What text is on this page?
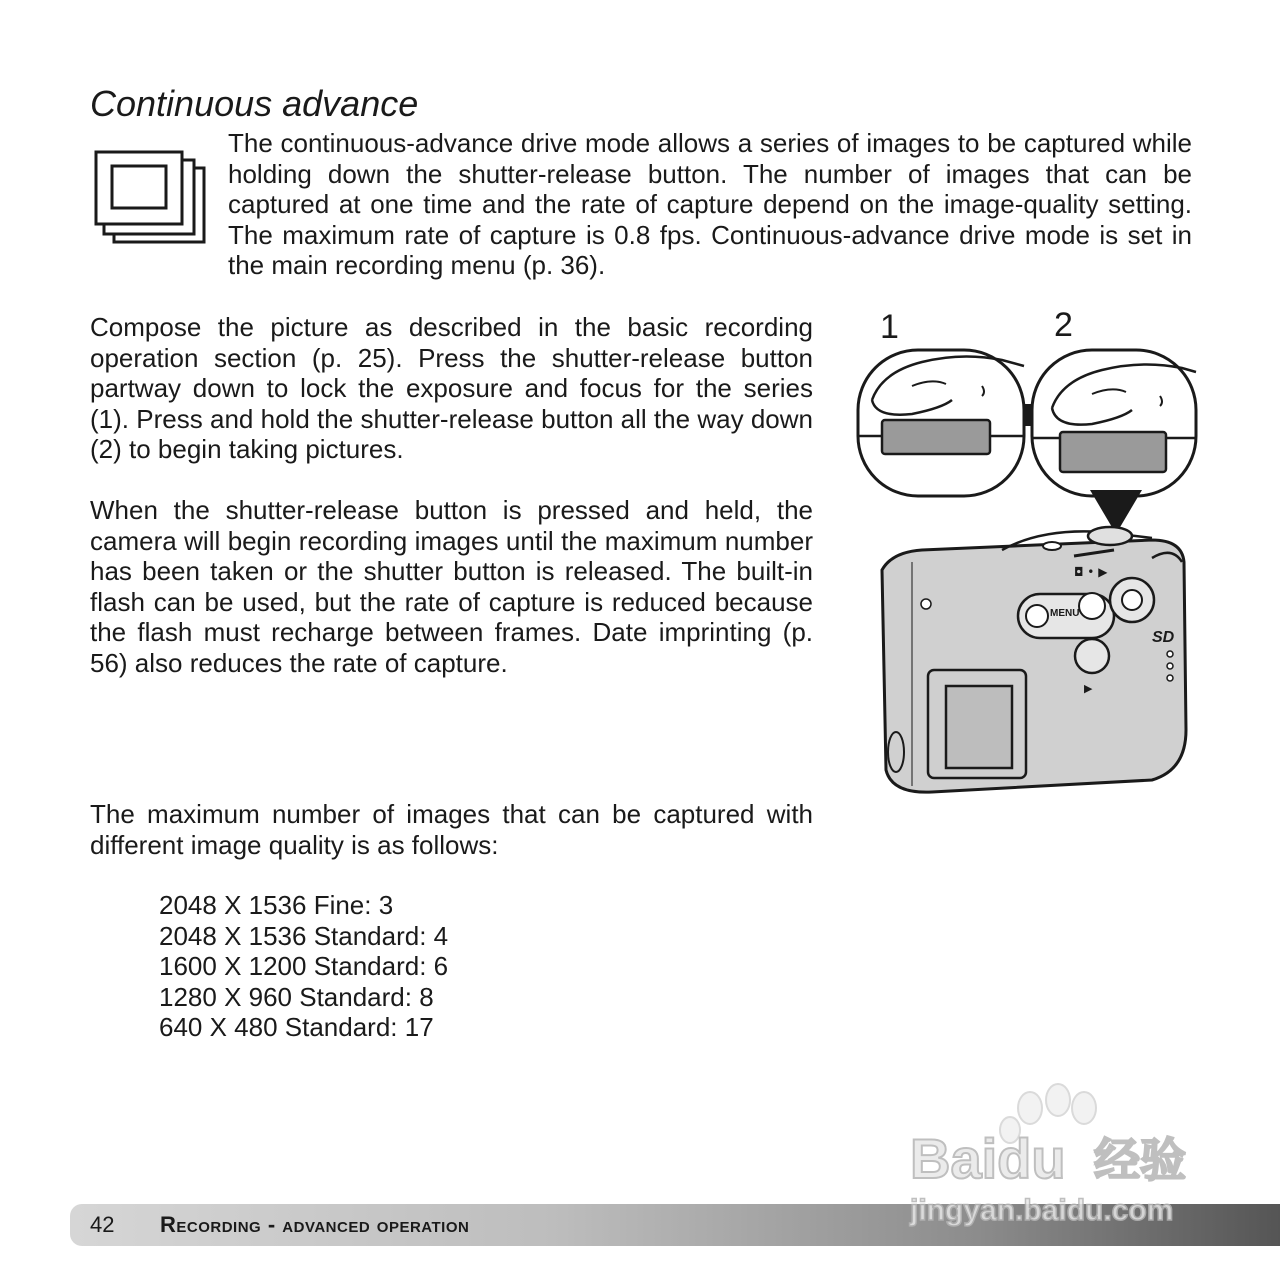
Continuous advance

The continuous-advance drive mode allows a series of images to be captured while holding down the shutter-release button. The number of images that can be captured at one time and the rate of capture depend on the image-quality setting. The maximum rate of capture is 0.8 fps. Continuous-advance drive mode is set in the main recording menu (p. 36).

Compose the picture as described in the basic recording operation section (p. 25). Press the shutter-release button partway down to lock the exposure and focus for the series (1). Press and hold the shutter-release button all the way down (2) to begin taking pictures.

When the shutter-release button is pressed and held, the camera will begin recording images until the maximum number has been taken or the shutter button is released. The built-in flash can be used, but the rate of capture is reduced because the flash must recharge between frames. Date imprinting (p. 56) also reduces the rate of capture.

The maximum number of images that can be captured with different image quality is as follows:

2048 X 1536 Fine: 3
2048 X 1536 Standard: 4
1600 X 1200 Standard: 6
1280 X 960 Standard: 8
640 X 480 Standard: 17
1	2
◘ • ▶
MENU
▶
SD
42 Recording - advanced operation
Baidu 经验
jingyan.baidu.com
